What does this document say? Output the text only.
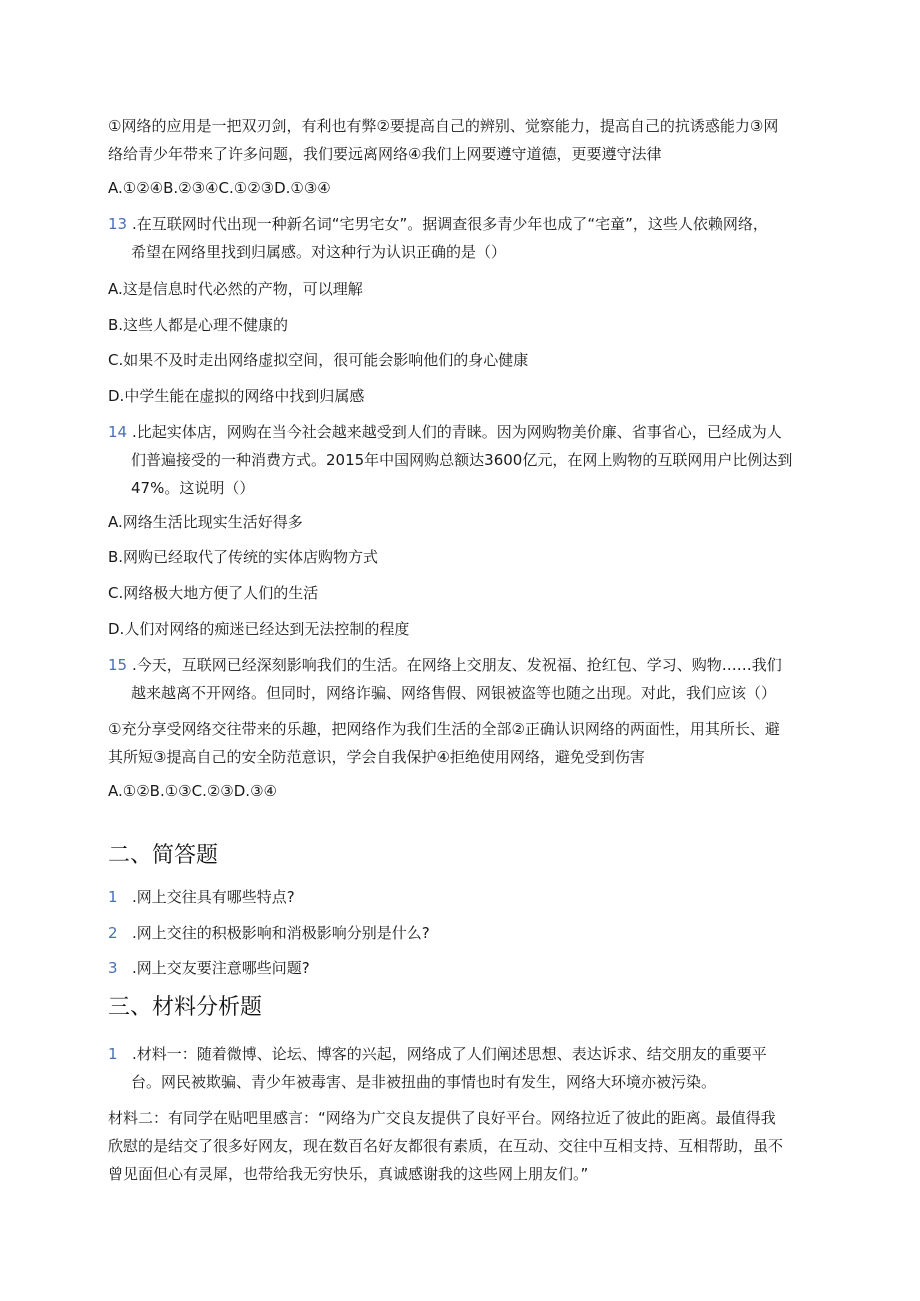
①网络的应用是一把双刃剑，有利也有弊②要提高自己的辨别、觉察能力，提高自己的抗诱惑能力③网
络给青少年带来了许多问题，我们要远离网络④我们上网要遵守道德，更要遵守法律
A.①②④B.②③④C.①②③D.①③④
13 .在互联网时代出现一种新名词“宅男宅女”。据调查很多青少年也成了“宅童”，这些人依赖网络，
希望在网络里找到归属感。对这种行为认识正确的是（）
A.这是信息时代必然的产物，可以理解
B.这些人都是心理不健康的
C.如果不及时走出网络虚拟空间，很可能会影响他们的身心健康
D.中学生能在虚拟的网络中找到归属感
14 .比起实体店，网购在当今社会越来越受到人们的青睐。因为网购物美价廉、省事省心，已经成为人
们普遍接受的一种消费方式。2015年中国网购总额达3600亿元，在网上购物的互联网用户比例达到
47%。这说明（）
A.网络生活比现实生活好得多
B.网购已经取代了传统的实体店购物方式
C.网络极大地方便了人们的生活
D.人们对网络的痴迷已经达到无法控制的程度
15 .今天，互联网已经深刻影响我们的生活。在网络上交朋友、发祝福、抢红包、学习、购物……我们
越来越离不开网络。但同时，网络诈骗、网络售假、网银被盗等也随之出现。对此，我们应该（）
①充分享受网络交往带来的乐趣，把网络作为我们生活的全部②正确认识网络的两面性，用其所长、避
其所短③提高自己的安全防范意识，学会自我保护④拒绝使用网络，避免受到伤害
A.①②B.①③C.②③D.③④
二、简答题
1 .网上交往具有哪些特点?
2 .网上交往的积极影响和消极影响分别是什么?
3 .网上交友要注意哪些问题?
三、材料分析题
1 .材料一：随着微博、论坛、博客的兴起，网络成了人们阐述思想、表达诉求、结交朋友的重要平
台。网民被欺骗、青少年被毒害、是非被扭曲的事情也时有发生，网络大环境亦被污染。
材料二：有同学在贴吧里感言：“网络为广交良友提供了良好平台。网络拉近了彼此的距离。最值得我
欣慰的是结交了很多好网友，现在数百名好友都很有素质，在互动、交往中互相支持、互相帮助，虽不
曾见面但心有灵犀，也带给我无穷快乐，真诚感谢我的这些网上朋友们。”
